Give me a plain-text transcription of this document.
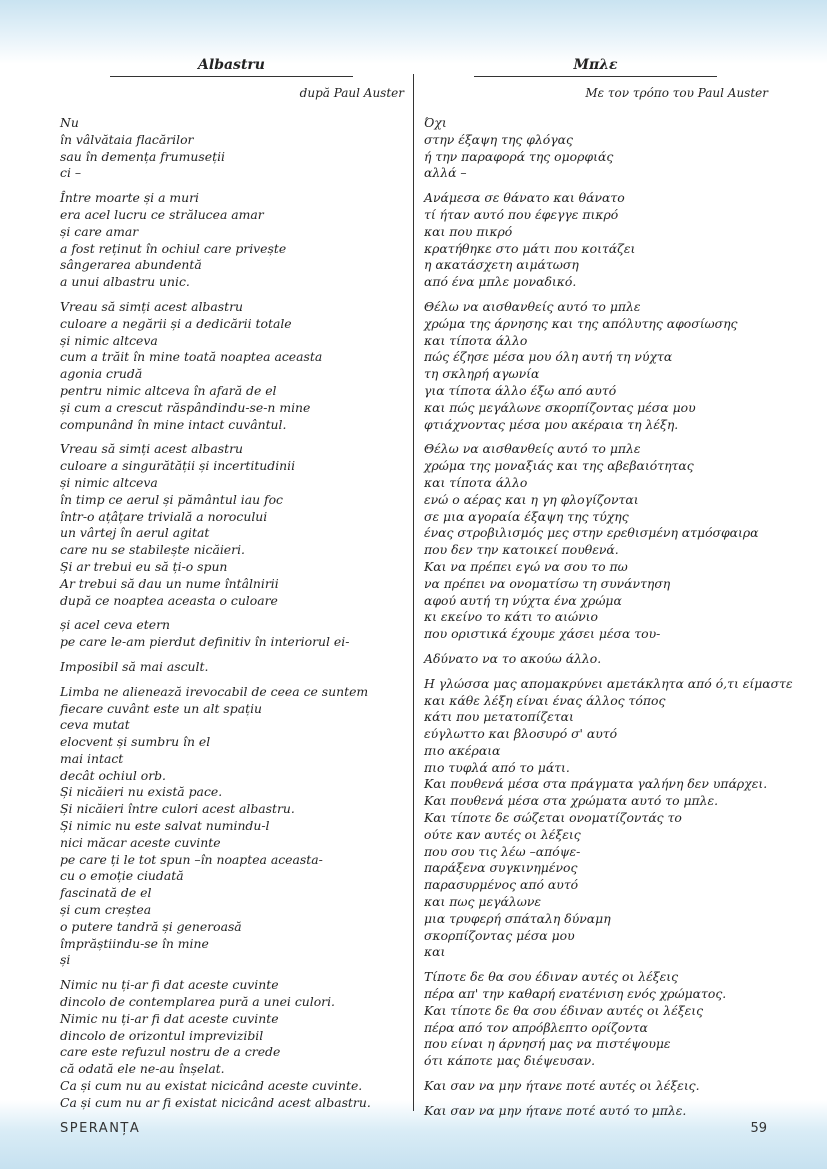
Albastru	Μπλε
după Paul Auster	Με τον τρόπο του Paul Auster
Nu
în vâlvătaia flacărilor
sau în demența frumuseții
ci –
Între moarte și a muri
era acel lucru ce strălucea amar
și care amar
a fost reținut în ochiul care privește
sângerarea abundentă
a unui albastru unic.
Vreau să simți acest albastru
culoare a negării și a dedicării totale
și nimic altceva
cum a trăit în mine toată noaptea aceasta
agonia crudă
pentru nimic altceva în afară de el
și cum a crescut răspândindu-se-n mine
compunând în mine intact cuvântul.
Vreau să simți acest albastru
culoare a singurătății și incertitudinii
și nimic altceva
în timp ce aerul și pământul iau foc
într-o ațâțare trivială a norocului
un vârtej în aerul agitat
care nu se stabilește nicăieri.
Și ar trebui eu să ți-o spun
Ar trebui să dau un nume întâlnirii
după ce noaptea aceasta o culoare
și acel ceva etern
pe care le-am pierdut definitiv în interiorul ei-
Imposibil să mai ascult.
Limba ne alienează irevocabil de ceea ce suntem
fiecare cuvânt este un alt spațiu
ceva mutat
elocvent și sumbru în el
mai intact
decât ochiul orb.
Și nicăieri nu există pace.
Și nicăieri între culori acest albastru.
Și nimic nu este salvat numindu-l
nici măcar aceste cuvinte
pe care ți le tot spun –în noaptea aceasta-
cu o emoție ciudată
fascinată de el
și cum creștea
o putere tandră și generoasă
împrăștiindu-se în mine
și
Nimic nu ți-ar fi dat aceste cuvinte
dincolo de contemplarea pură a unei culori.
Nimic nu ți-ar fi dat aceste cuvinte
dincolo de orizontul imprevizibil
care este refuzul nostru de a crede
că odată ele ne-au înșelat.
Ca și cum nu au existat nicicând aceste cuvinte.
Ca și cum nu ar fi existat nicicând acest albastru.
Όχι
στην έξαψη της φλόγας
ή την παραφορά της ομορφιάς
αλλά –
Ανάμεσα σε θάνατο και θάνατο
τί ήταν αυτό που έφεγγε πικρό
και που πικρό
κρατήθηκε στο μάτι που κοιτάζει
η ακατάσχετη αιμάτωση
από ένα μπλε μοναδικό.
Θέλω να αισθανθείς αυτό το μπλε
χρώμα της άρνησης και της απόλυτης αφοσίωσης
και τίποτα άλλο
πώς έζησε μέσα μου όλη αυτή τη νύχτα
τη σκληρή αγωνία
για τίποτα άλλο έξω από αυτό
και πώς μεγάλωνε σκορπίζοντας μέσα μου
φτιάχνοντας μέσα μου ακέραια τη λέξη.
Θέλω να αισθανθείς αυτό το μπλε
χρώμα της μοναξιάς και της αβεβαιότητας
και τίποτα άλλο
ενώ ο αέρας και η γη φλογίζονται
σε μια αγοραία έξαψη της τύχης
ένας στροβιλισμός μες στην ερεθισμένη ατμόσφαιρα
που δεν την κατοικεί πουθενά.
Και να πρέπει εγώ να σου το πω
να πρέπει να ονοματίσω τη συνάντηση
αφού αυτή τη νύχτα ένα χρώμα
κι εκείνο το κάτι το αιώνιο
που οριστικά έχουμε χάσει μέσα του-
Αδύνατο να το ακούω άλλο.
Η γλώσσα μας απομακρύνει αμετάκλητα από ό,τι είμαστε
και κάθε λέξη είναι ένας άλλος τόπος
κάτι που μετατοπίζεται
εύγλωττο και βλοσυρό σ' αυτό
πιο ακέραια
πιο τυφλά από το μάτι.
Και πουθενά μέσα στα πράγματα γαλήνη δεν υπάρχει.
Και πουθενά μέσα στα χρώματα αυτό το μπλε.
Και τίποτε δε σώζεται ονοματίζοντάς το
ούτε καν αυτές οι λέξεις
που σου τις λέω –απόψε-
παράξενα συγκινημένος
παρασυρμένος από αυτό
και πως μεγάλωνε
μια τρυφερή σπάταλη δύναμη
σκορπίζοντας μέσα μου
και
Τίποτε δε θα σου έδιναν αυτές οι λέξεις
πέρα απ' την καθαρή ενατένιση ενός χρώματος.
Και τίποτε δε θα σου έδιναν αυτές οι λέξεις
πέρα από τον απρόβλεπτο ορίζοντα
που είναι η άρνησή μας να πιστέψουμε
ότι κάποτε μας διέψευσαν.
Και σαν να μην ήτανε ποτέ αυτές οι λέξεις.
Και σαν να μην ήτανε ποτέ αυτό το μπλε.
SPERANȚA	59
